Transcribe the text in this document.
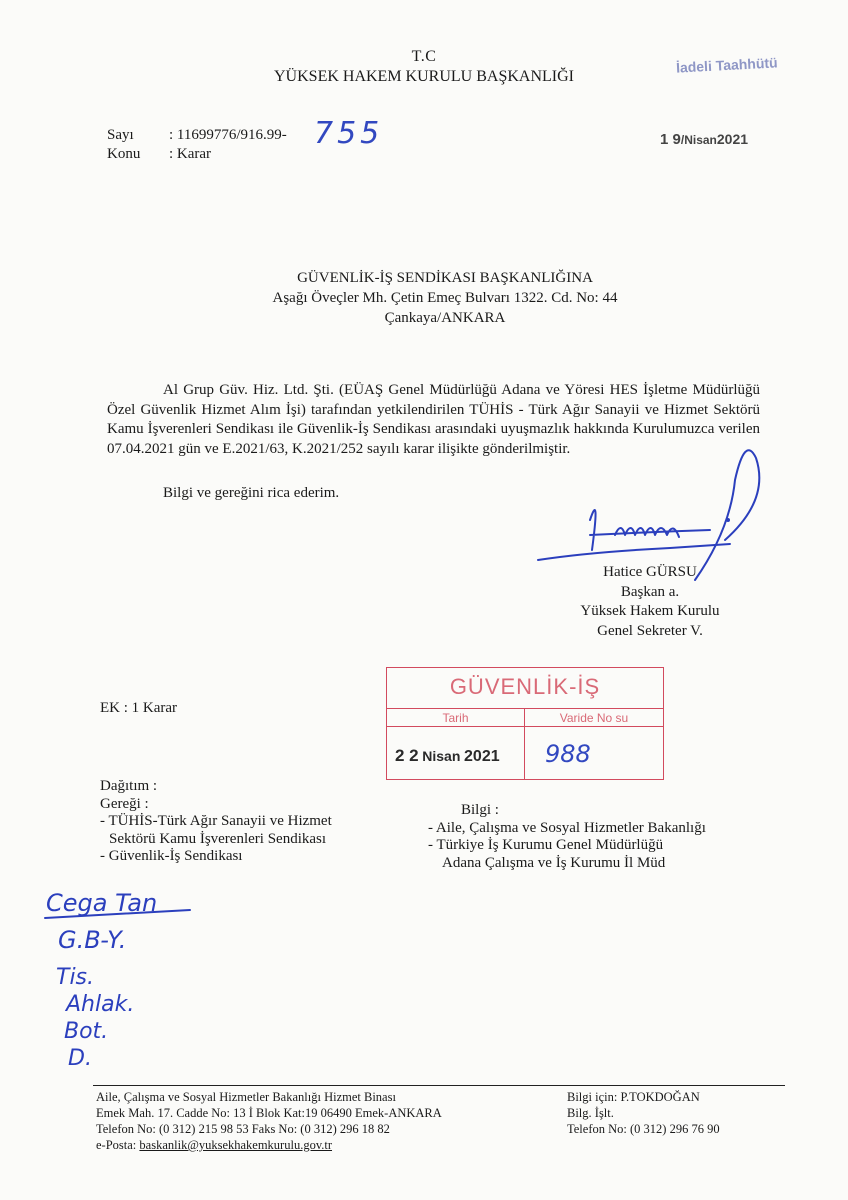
T.C
YÜKSEK HAKEM KURULU BAŞKANLIĞI
İadeli Taahhütü
Sayı : 11699776/916.99-
Konu : Karar
755	1 9/Nisan2021
GÜVENLİK-İŞ SENDİKASI BAŞKANLIĞINA
Aşağı Öveçler Mh. Çetin Emeç Bulvarı 1322. Cd. No: 44
Çankaya/ANKARA
Al Grup Güv. Hiz. Ltd. Şti. (EÜAŞ Genel Müdürlüğü Adana ve Yöresi HES İşletme Müdürlüğü Özel Güvenlik Hizmet Alım İşi) tarafından yetkilendirilen TÜHİS - Türk Ağır Sanayii ve Hizmet Sektörü Kamu İşverenleri Sendikası ile Güvenlik-İş Sendikası arasındaki uyuşmazlık hakkında Kurulumuzca verilen 07.04.2021 gün ve E.2021/63, K.2021/252 sayılı karar ilişikte gönderilmiştir.
Bilgi ve gereğini rica ederim.
Hatice GÜRSU
Başkan a.
Yüksek Hakem Kurulu
Genel Sekreter V.
EK : 1 Karar
GÜVENLİK-İŞ
Tarih	Varide No su
2 2 Nisan 2021 988
Dağıtım :
Gereği :
- TÜHİS-Türk Ağır Sanayii ve Hizmet
Sektörü Kamu İşverenleri Sendikası
- Güvenlik-İş Sendikası
Bilgi :
- Aile, Çalışma ve Sosyal Hizmetler Bakanlığı
- Türkiye İş Kurumu Genel Müdürlüğü
Adana Çalışma ve İş Kurumu İl Müd
Cega Tan
G.B-Y.
Tis.
Ahlak.
Bot.
D.
Aile, Çalışma ve Sosyal Hizmetler Bakanlığı Hizmet Binası
Emek Mah. 17. Cadde No: 13 İ Blok Kat:19 06490 Emek-ANKARA
Telefon No: (0 312) 215 98 53 Faks No: (0 312) 296 18 82
e-Posta: baskanlik@yuksekhakemkurulu.gov.tr
Bilgi için: P.TOKDOĞAN
Bilg. İşlt.
Telefon No: (0 312) 296 76 90
